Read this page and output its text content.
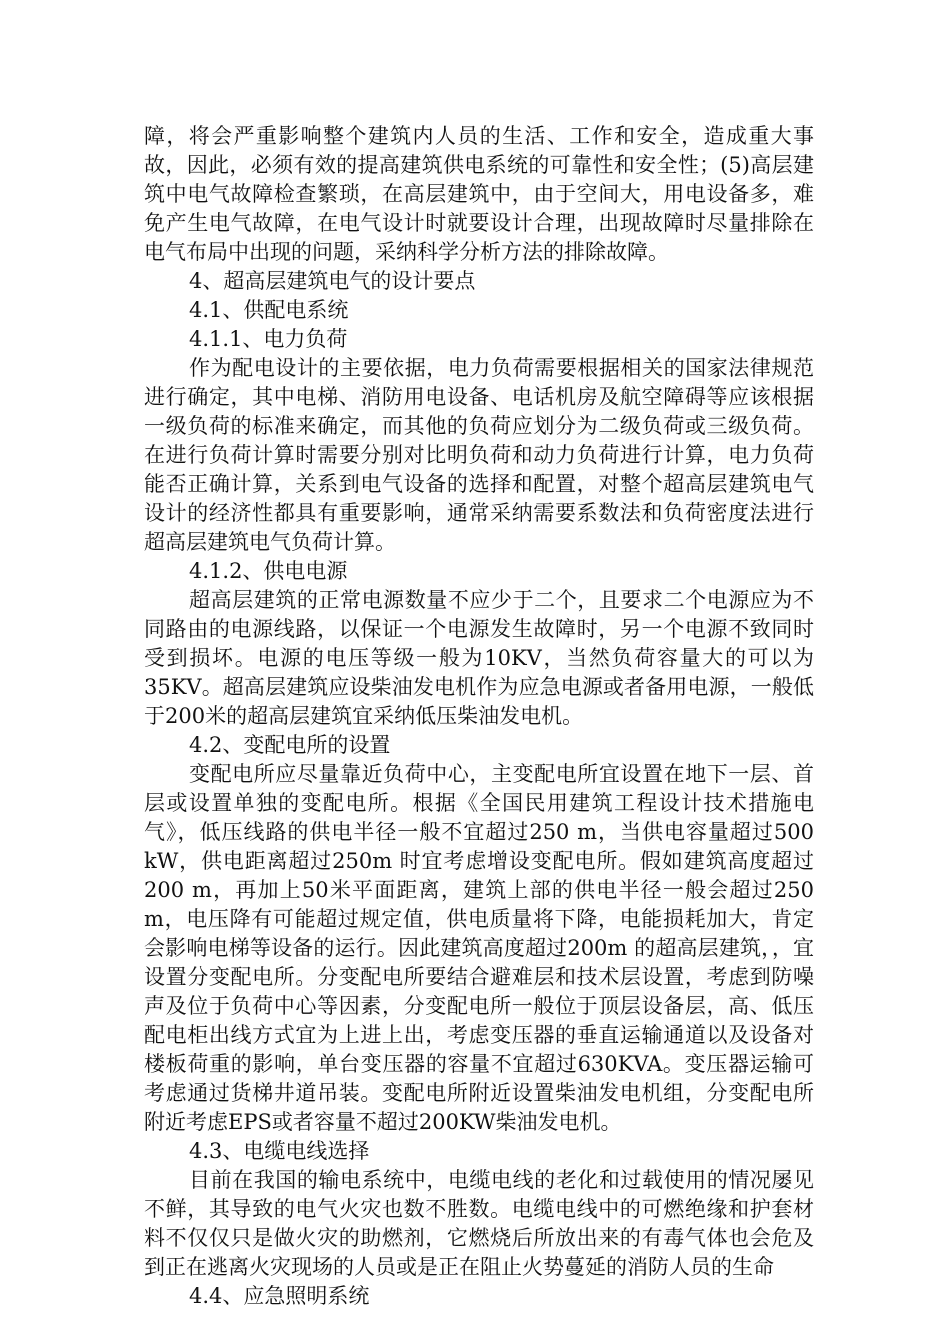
障，将会严重影响整个建筑内人员的生活、工作和安全，造成重大事故，因此，必须有效的提高建筑供电系统的可靠性和安全性；(5)高层建筑中电气故障检查繁琐，在高层建筑中，由于空间大，用电设备多，难免产生电气故障，在电气设计时就要设计合理，出现故障时尽量排除在电气布局中出现的问题，采纳科学分析方法的排除故障。

4、超高层建筑电气的设计要点

4.1、供配电系统

4.1.1、电力负荷

作为配电设计的主要依据，电力负荷需要根据相关的国家法律规范进行确定，其中电梯、消防用电设备、电话机房及航空障碍等应该根据一级负荷的标准来确定，而其他的负荷应划分为二级负荷或三级负荷。在进行负荷计算时需要分别对比明负荷和动力负荷进行计算，电力负荷能否正确计算，关系到电气设备的选择和配置，对整个超高层建筑电气设计的经济性都具有重要影响，通常采纳需要系数法和负荷密度法进行超高层建筑电气负荷计算。

4.1.2、供电电源

超高层建筑的正常电源数量不应少于二个，且要求二个电源应为不同路由的电源线路，以保证一个电源发生故障时，另一个电源不致同时受到损坏。电源的电压等级一般为10KV，当然负荷容量大的可以为35KV。超高层建筑应设柴油发电机作为应急电源或者备用电源，一般低于200米的超高层建筑宜采纳低压柴油发电机。

4.2、变配电所的设置

变配电所应尽量靠近负荷中心，主变配电所宜设置在地下一层、首层或设置单独的变配电所。根据《全国民用建筑工程设计技术措施电气》，低压线路的供电半径一般不宜超过250 m，当供电容量超过500 kW，供电距离超过250m 时宜考虑增设变配电所。假如建筑高度超过200 m，再加上50米平面距离，建筑上部的供电半径一般会超过250 m，电压降有可能超过规定值，供电质量将下降，电能损耗加大，肯定会影响电梯等设备的运行。因此建筑高度超过200m 的超高层建筑，，宜设置分变配电所。分变配电所要结合避难层和技术层设置，考虑到防噪声及位于负荷中心等因素，分变配电所一般位于顶层设备层，高、低压配电柜出线方式宜为上进上出，考虑变压器的垂直运输通道以及设备对楼板荷重的影响，单台变压器的容量不宜超过630KVA。变压器运输可考虑通过货梯井道吊装。变配电所附近设置柴油发电机组，分变配电所附近考虑EPS或者容量不超过200KW柴油发电机。

4.3、电缆电线选择

目前在我国的输电系统中，电缆电线的老化和过载使用的情况屡见不鲜，其导致的电气火灾也数不胜数。电缆电线中的可燃绝缘和护套材料不仅仅只是做火灾的助燃剂，它燃烧后所放出来的有毒气体也会危及到正在逃离火灾现场的人员或是正在阻止火势蔓延的消防人员的生命

4.4、应急照明系统
